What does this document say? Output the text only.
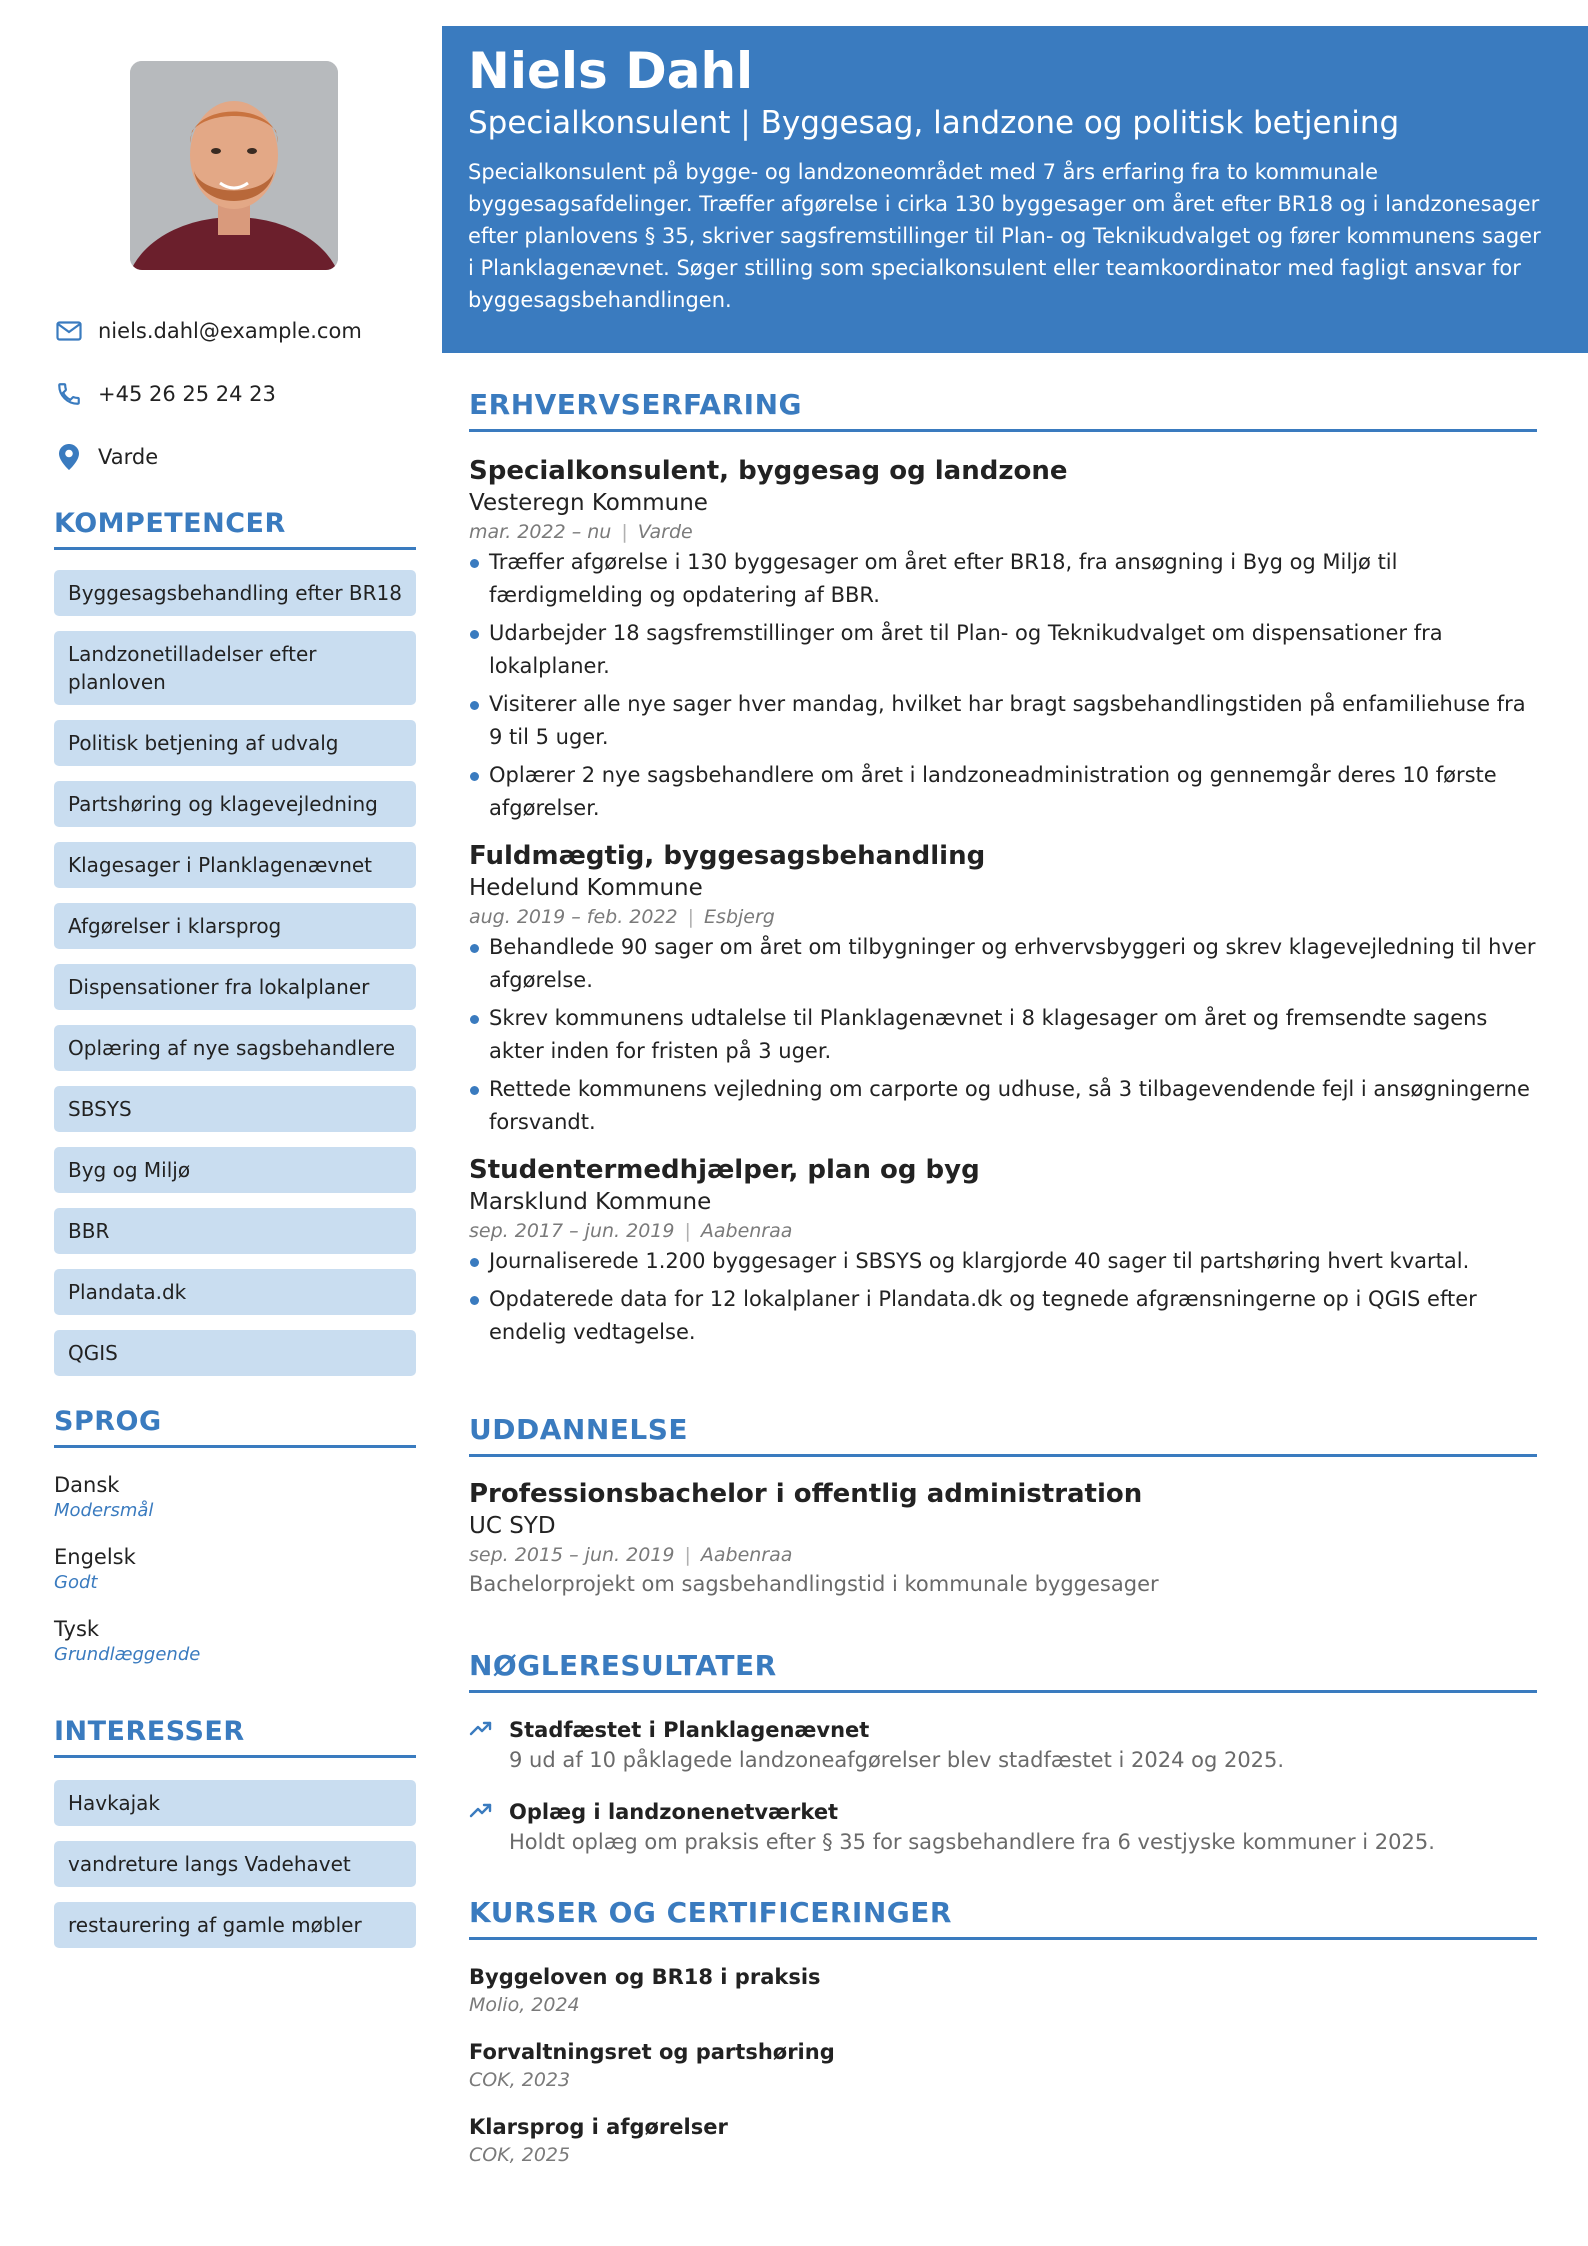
niels.dahl@example.com
+45 26 25 24 23
Varde
KOMPETENCER
Byggesagsbehandling efter BR18
Landzonetilladelser efter planloven
Politisk betjening af udvalg
Partshøring og klagevejledning
Klagesager i Planklagenævnet
Afgørelser i klarsprog
Dispensationer fra lokalplaner
Oplæring af nye sagsbehandlere
SBSYS
Byg og Miljø
BBR
Plandata.dk
QGIS
SPROG
Dansk
Modersmål
Engelsk
Godt
Tysk
Grundlæggende
INTERESSER
Havkajak
vandreture langs Vadehavet
restaurering af gamle møbler
Niels Dahl
Specialkonsulent | Byggesag, landzone og politisk betjening
Specialkonsulent på bygge- og landzoneområdet med 7 års erfaring fra to kommunale byggesagsafdelinger. Træffer afgørelse i cirka 130 byggesager om året efter BR18 og i landzonesager efter planlovens § 35, skriver sagsfremstillinger til Plan- og Teknikudvalget og fører kommunens sager i Planklagenævnet. Søger stilling som specialkonsulent eller teamkoordinator med fagligt ansvar for byggesagsbehandlingen.
ERHVERVSERFARING
Specialkonsulent, byggesag og landzone
Vesteregn Kommune
mar. 2022 – nu | Varde
Træffer afgørelse i 130 byggesager om året efter BR18, fra ansøgning i Byg og Miljø til færdigmelding og opdatering af BBR.
Udarbejder 18 sagsfremstillinger om året til Plan- og Teknikudvalget om dispensationer fra lokalplaner.
Visiterer alle nye sager hver mandag, hvilket har bragt sagsbehandlingstiden på enfamiliehuse fra 9 til 5 uger.
Oplærer 2 nye sagsbehandlere om året i landzoneadministration og gennemgår deres 10 første afgørelser.
Fuldmægtig, byggesagsbehandling
Hedelund Kommune
aug. 2019 – feb. 2022 | Esbjerg
Behandlede 90 sager om året om tilbygninger og erhvervsbyggeri og skrev klagevejledning til hver afgørelse.
Skrev kommunens udtalelse til Planklagenævnet i 8 klagesager om året og fremsendte sagens akter inden for fristen på 3 uger.
Rettede kommunens vejledning om carporte og udhuse, så 3 tilbagevendende fejl i ansøgningerne forsvandt.
Studentermedhjælper, plan og byg
Marsklund Kommune
sep. 2017 – jun. 2019 | Aabenraa
Journaliserede 1.200 byggesager i SBSYS og klargjorde 40 sager til partshøring hvert kvartal.
Opdaterede data for 12 lokalplaner i Plandata.dk og tegnede afgrænsningerne op i QGIS efter endelig vedtagelse.
UDDANNELSE
Professionsbachelor i offentlig administration
UC SYD
sep. 2015 – jun. 2019 | Aabenraa
Bachelorprojekt om sagsbehandlingstid i kommunale byggesager
NØGLERESULTATER
Stadfæstet i Planklagenævnet
9 ud af 10 påklagede landzoneafgørelser blev stadfæstet i 2024 og 2025.
Oplæg i landzonenetværket
Holdt oplæg om praksis efter § 35 for sagsbehandlere fra 6 vestjyske kommuner i 2025.
KURSER OG CERTIFICERINGER
Byggeloven og BR18 i praksis
Molio, 2024
Forvaltningsret og partshøring
COK, 2023
Klarsprog i afgørelser
COK, 2025
